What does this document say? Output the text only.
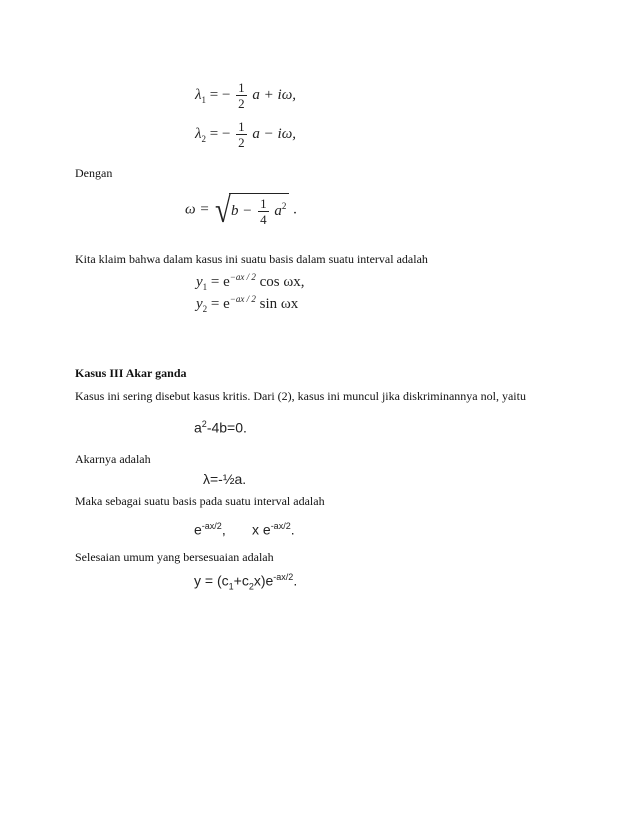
$\lambda_1$ = − $\frac{1}{2}$ a + iω,
$\lambda_2$ = − $\frac{1}{2}$ a − iω,
Dengan
$\omega = √b - \frac{1}{4} a^2$ .
Kita klaim bahwa dalam kasus ini suatu basis dalam suatu interval adalah
$y_1 = e^{-ax / 2}$ cos ωx,
$y_2 = e^{-ax / 2}$ sin ωx
Kasus III Akar ganda
Kasus ini sering disebut kasus kritis. Dari (2), kasus ini muncul jika diskriminannya nol, yaitu
$a^2-4b=0$.
Akarnya adalah
λ=-½a.
Maka sebagai suatu basis pada suatu interval adalah
$e^{-ax/2}$, x $e^{-ax/2}$.
Selesaian umum yang bersesuaian adalah
$y = (c_1+c_2x)e^{-ax/2}$.
